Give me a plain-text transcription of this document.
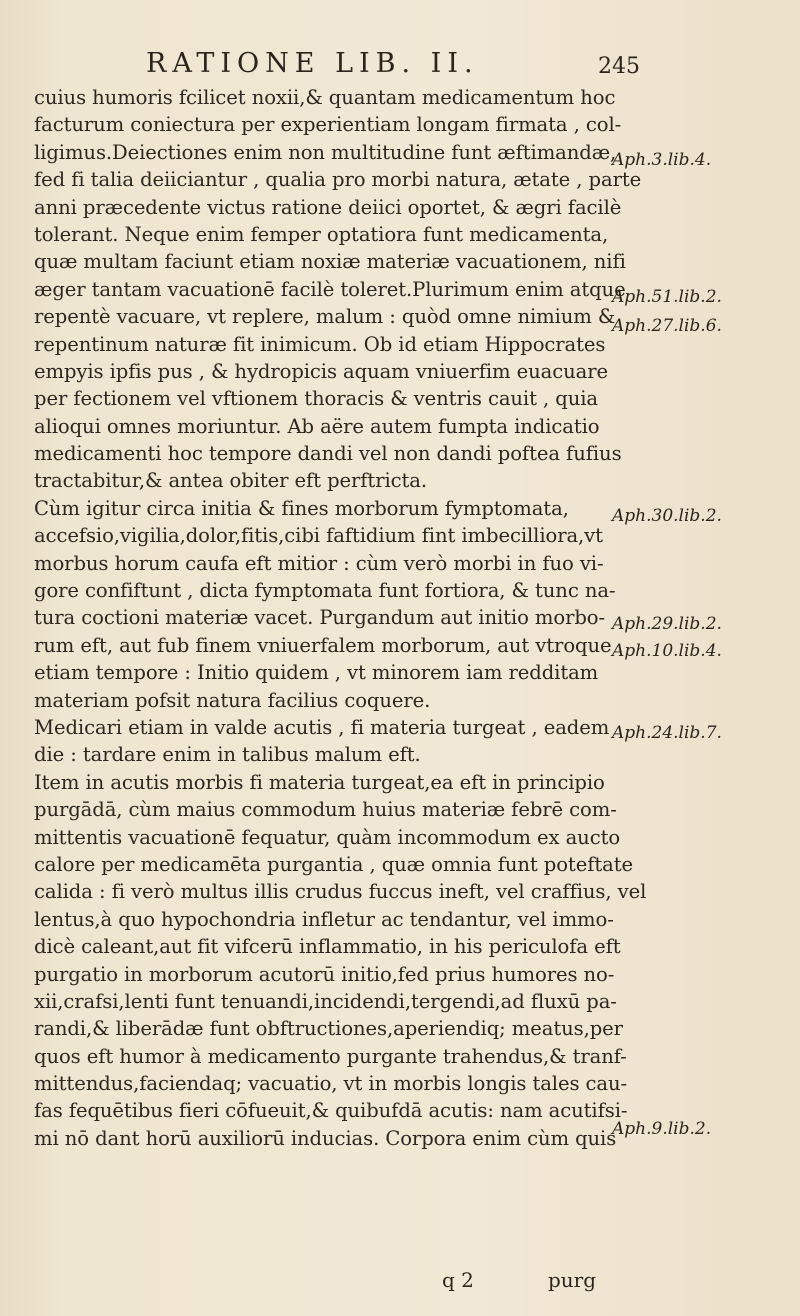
RATIONE LIB. II.	245
cuius humoris fcilicet noxii,& quantam medicamentum hoc
facturum coniectura per experientiam longam firmata , col-
ligimus.Deiectiones enim non multitudine funt æftimandæ,
fed fi talia deiiciantur , qualia pro morbi natura, ætate , parte
anni præcedente victus ratione deiici oportet, & ægri facilè
tolerant. Neque enim femper optatiora funt medicamenta,
quæ multam faciunt etiam noxiæ materiæ vacuationem, nifi
æger tantam vacuationē facilè toleret.Plurimum enim atque
repentè vacuare, vt replere, malum : quòd omne nimium &
repentinum naturæ fit inimicum. Ob id etiam Hippocrates
empyis ipfis pus , & hydropicis aquam vniuerfim euacuare
per fectionem vel vftionem thoracis & ventris cauit , quia
alioqui omnes moriuntur. Ab aëre autem fumpta indicatio
medicamenti hoc tempore dandi vel non dandi poftea fufius
tractabitur,& antea obiter eft perftricta.
Cùm igitur circa initia & fines morborum fymptomata,
accefsio,vigilia,dolor,fitis,cibi faftidium fint imbecilliora,vt
morbus horum caufa eft mitior : cùm verò morbi in fuo vi-
gore confiftunt , dicta fymptomata funt fortiora, & tunc na-
tura coctioni materiæ vacet. Purgandum aut initio morbo-
rum eft, aut fub finem vniuerfalem morborum, aut vtroque
etiam tempore : Initio quidem , vt minorem iam redditam
materiam pofsit natura facilius coquere.
Medicari etiam in valde acutis , fi materia turgeat , eadem
die : tardare enim in talibus malum eft.
Item in acutis morbis fi materia turgeat,ea eft in principio
purgādā, cùm maius commodum huius materiæ febrē com-
mittentis vacuationē fequatur, quàm incommodum ex aucto
calore per medicamēta purgantia , quæ omnia funt poteftate
calida : fi verò multus illis crudus fuccus ineft, vel craffius, vel
lentus,à quo hypochondria infletur ac tendantur, vel immo-
dicè caleant,aut fit vifcerū inflammatio, in his periculofa eft
purgatio in morborum acutorū initio,fed prius humores no-
xii,crafsi,lenti funt tenuandi,incidendi,tergendi,ad fluxū pa-
randi,& liberādæ funt obftructiones,aperiendiq; meatus,per
quos eft humor à medicamento purgante trahendus,& tranf-
mittendus,faciendaq; vacuatio, vt in morbis longis tales cau-
fas fequētibus fieri cōfueuit,& quibufdā acutis: nam acutifsi-
mi nō dant horū auxiliorū inducias. Corpora enim cùm quis
Aph.3.lib.4.
Aph.51.lib.2.
Aph.27.lib.6.
Aph.30.lib.2.
Aph.29.lib.2.
Aph.10.lib.4.
Aph.24.lib.7.
Aph.9.lib.2.
q 2	purg
